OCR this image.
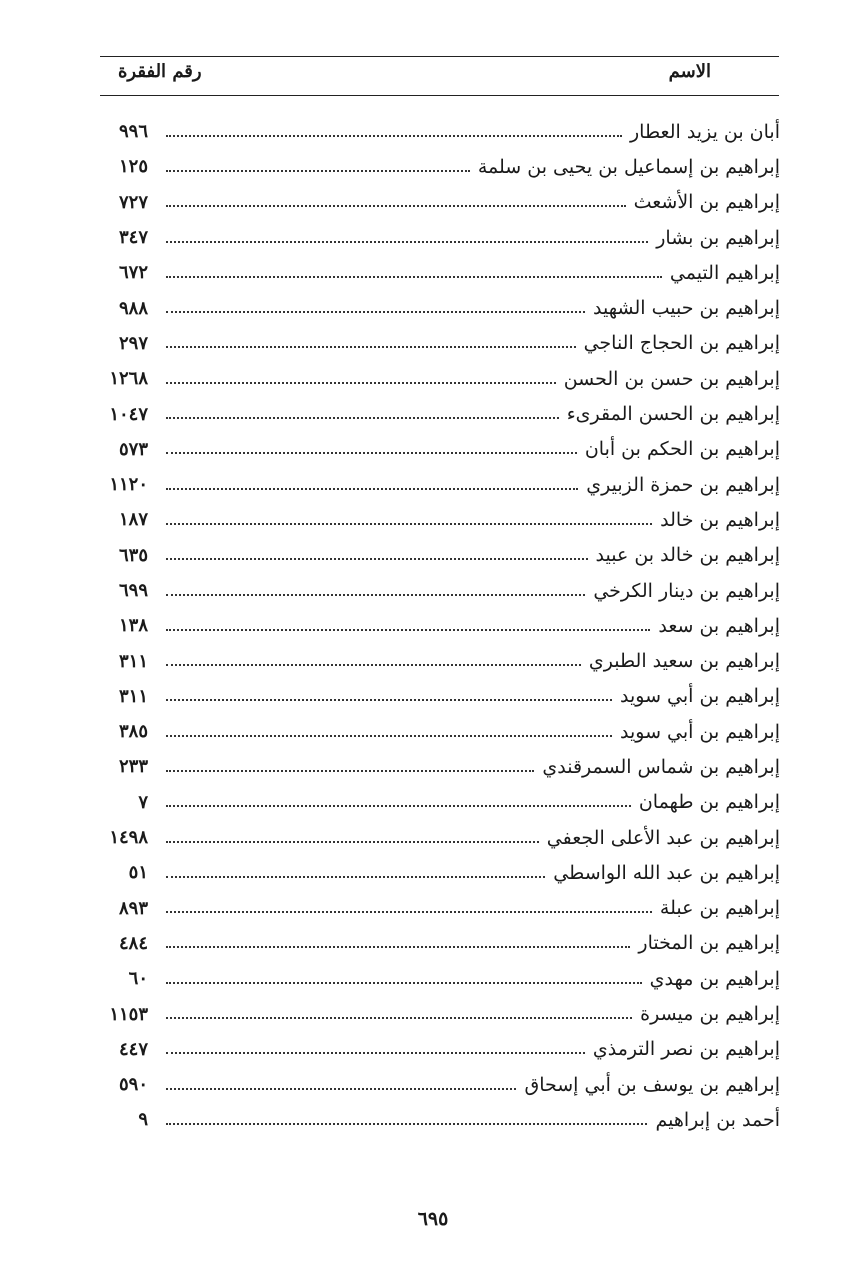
الاسم
رقم الفقرة
أبان بن يزيد العطار
٩٩٦
إبراهيم بن إسماعيل بن يحيى بن سلمة
١٢٥
إبراهيم بن الأشعث
٧٢٧
إبراهيم بن بشار
٣٤٧
إبراهيم التيمي
٦٧٢
إبراهيم بن حبيب الشهيد
٩٨٨
إبراهيم بن الحجاج الناجي
٢٩٧
إبراهيم بن حسن بن الحسن
١٢٦٨
إبراهيم بن الحسن المقرىء
١٠٤٧
إبراهيم بن الحكم بن أبان
٥٧٣
إبراهيم بن حمزة الزبيري
١١٢٠
إبراهيم بن خالد
١٨٧
إبراهيم بن خالد بن عبيد
٦٣٥
إبراهيم بن دينار الكرخي
٦٩٩
إبراهيم بن سعد
١٣٨
إبراهيم بن سعيد الطبري
٣١١
إبراهيم بن أبي سويد
٣١١
إبراهيم بن أبي سويد
٣٨٥
إبراهيم بن شماس السمرقندي
٢٣٣
إبراهيم بن طهمان
٧
إبراهيم بن عبد الأعلى الجعفي
١٤٩٨
إبراهيم بن عبد الله الواسطي
٥١
إبراهيم بن عبلة
٨٩٣
إبراهيم بن المختار
٤٨٤
إبراهيم بن مهدي
٦٠
إبراهيم بن ميسرة
١١٥٣
إبراهيم بن نصر الترمذي
٤٤٧
إبراهيم بن يوسف بن أبي إسحاق
٥٩٠
أحمد بن إبراهيم
٩
٦٩٥
